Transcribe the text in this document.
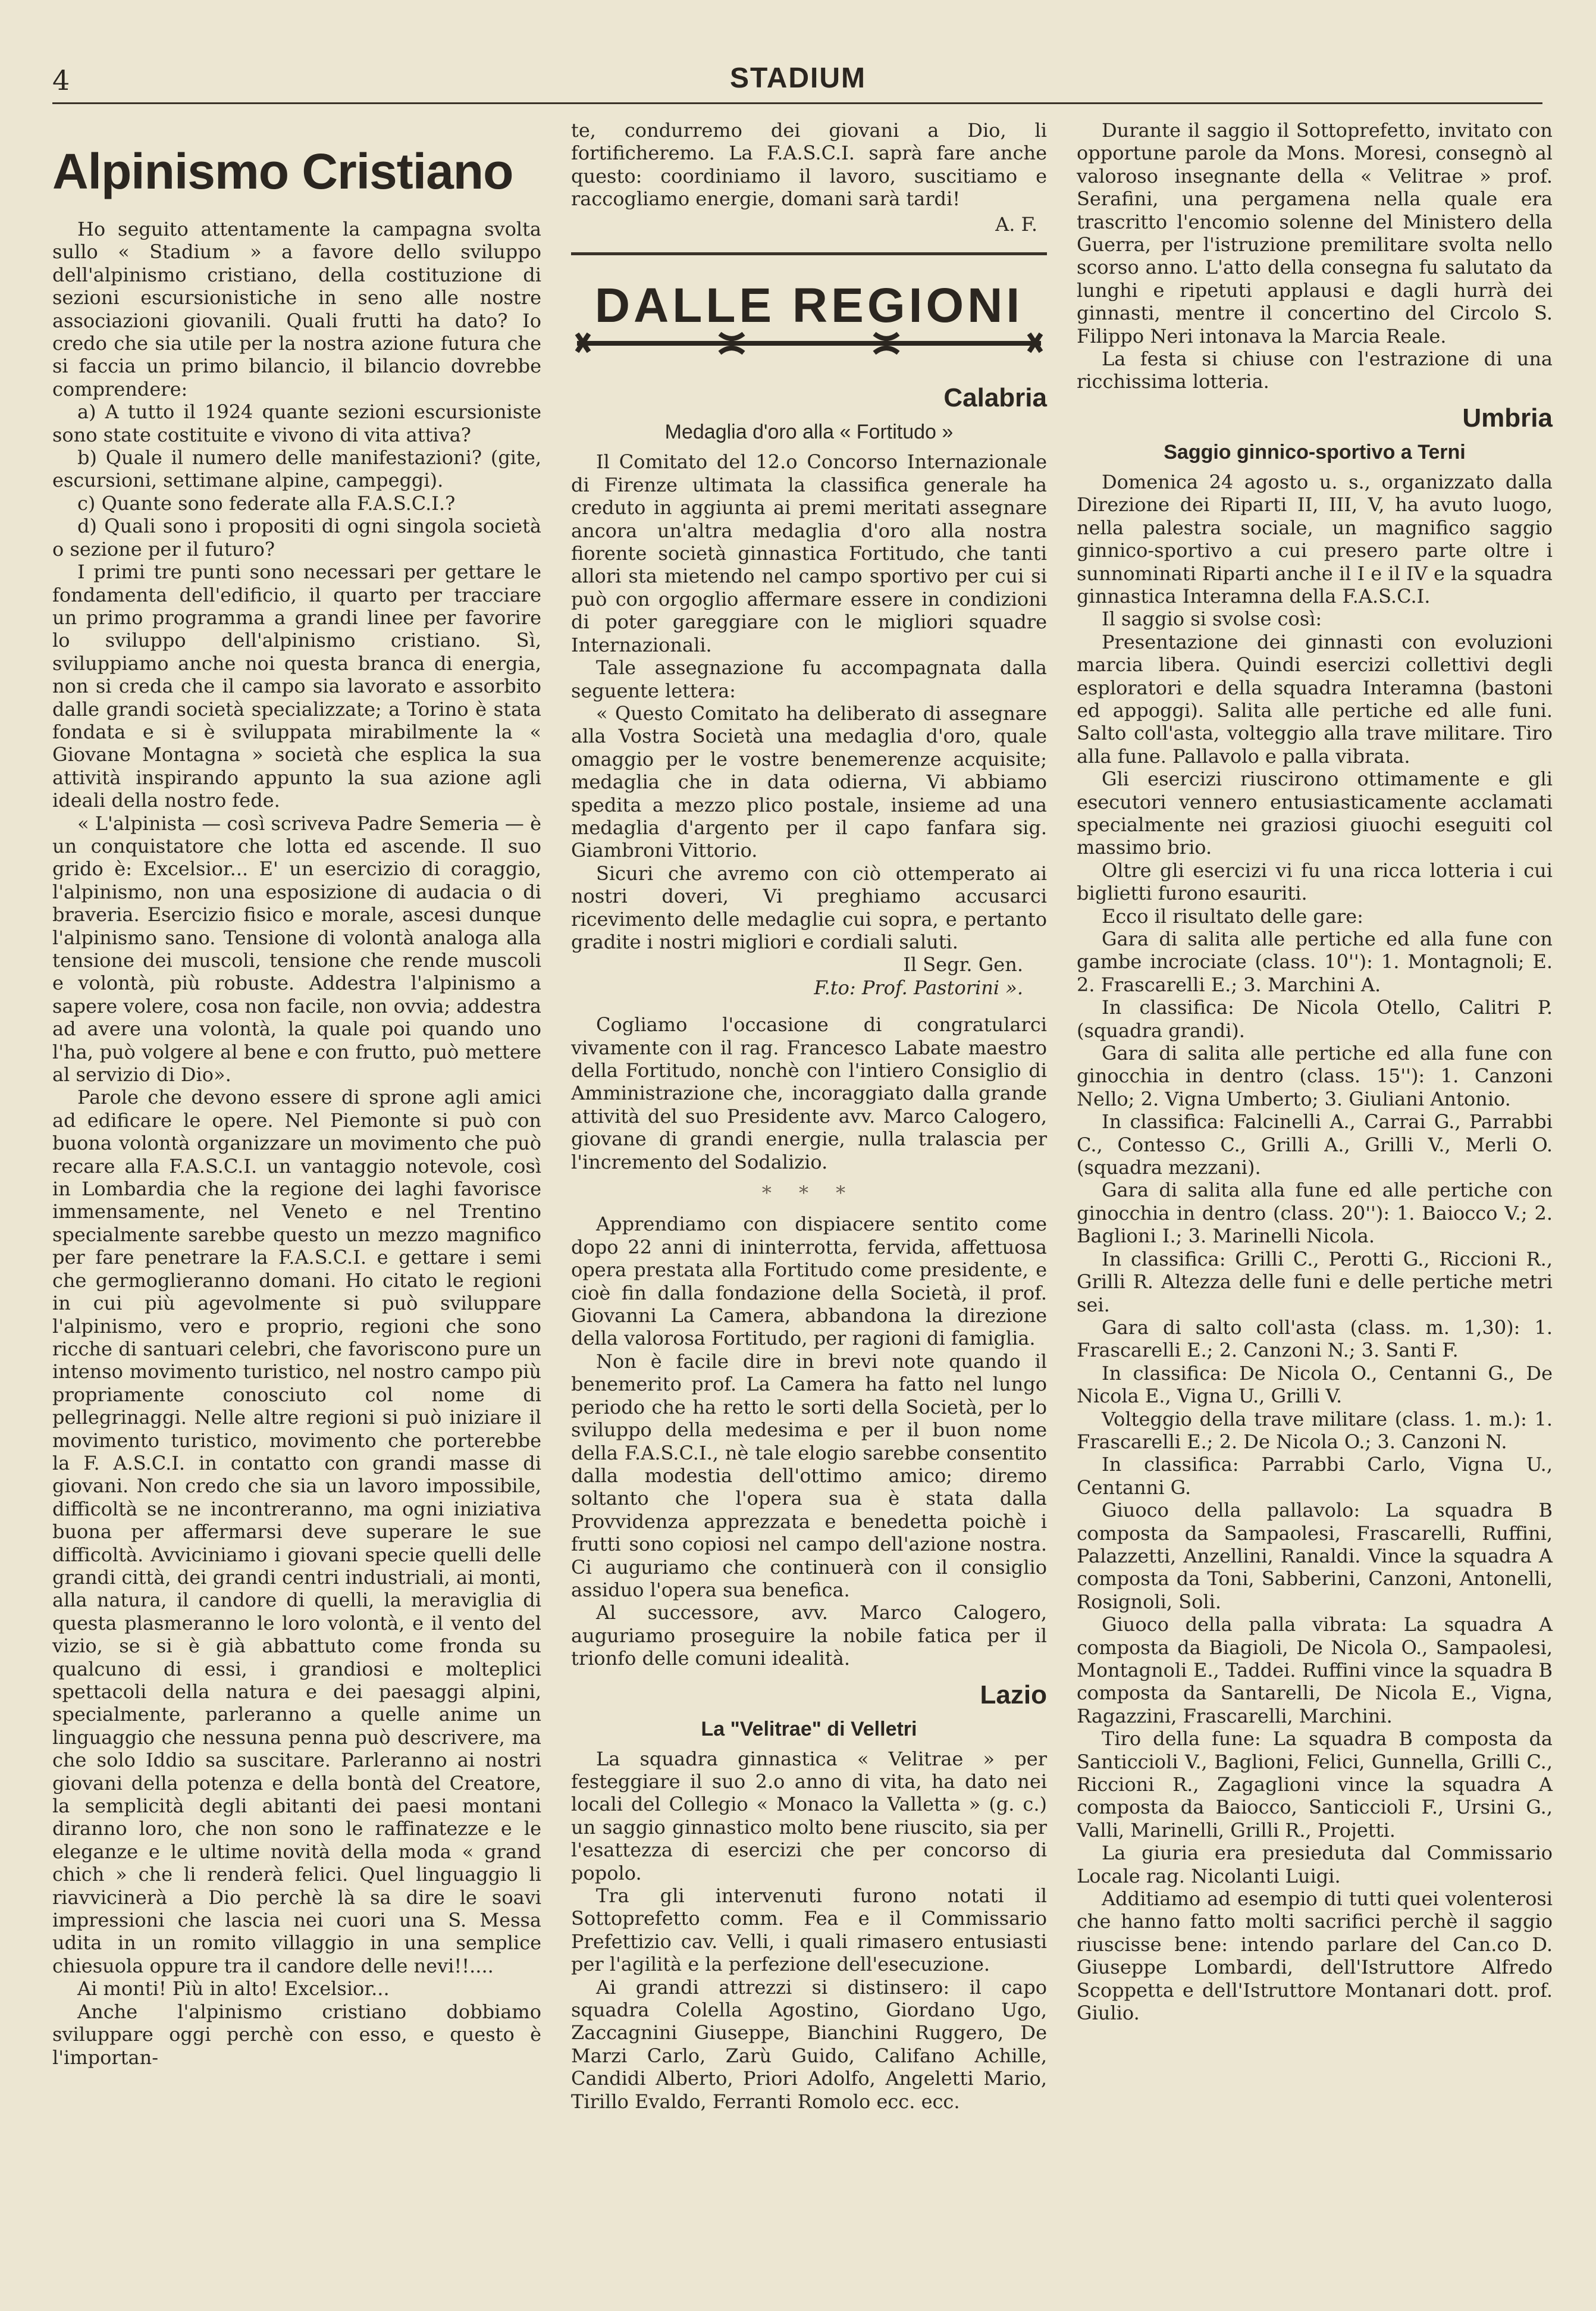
4	STADIUM
Alpinismo Cristiano

Ho seguito attentamente la campagna svolta sullo « Stadium » a favore dello sviluppo dell'alpinismo cristiano, della costituzione di sezioni escursionistiche in seno alle nostre associazioni giovanili. Quali frutti ha dato? Io credo che sia utile per la nostra azione futura che si faccia un primo bilancio, il bilancio dovrebbe comprendere:

a) A tutto il 1924 quante sezioni escursioniste sono state costituite e vivono di vita attiva?

b) Quale il numero delle manifestazioni? (gite, escursioni, settimane alpine, campeggi).

c) Quante sono federate alla F.A.S.C.I.?

d) Quali sono i propositi di ogni singola società o sezione per il futuro?

I primi tre punti sono necessari per gettare le fondamenta dell'edificio, il quarto per tracciare un primo programma a grandi linee per favorire lo sviluppo dell'alpinismo cristiano. Sì, sviluppiamo anche noi questa branca di energia, non si creda che il campo sia lavorato e assorbito dalle grandi società specializzate; a Torino è stata fondata e si è sviluppata mirabilmente la « Giovane Montagna » società che esplica la sua attività inspirando appunto la sua azione agli ideali della nostro fede.

« L'alpinista — così scriveva Padre Semeria — è un conquistatore che lotta ed ascende. Il suo grido è: Excelsior... E' un esercizio di coraggio, l'alpinismo, non una esposizione di audacia o di braveria. Esercizio fisico e morale, ascesi dunque l'alpinismo sano. Tensione di volontà analoga alla tensione dei muscoli, tensione che rende muscoli e volontà, più robuste. Addestra l'alpinismo a sapere volere, cosa non facile, non ovvia; addestra ad avere una volontà, la quale poi quando uno l'ha, può volgere al bene e con frutto, può mettere al servizio di Dio».

Parole che devono essere di sprone agli amici ad edificare le opere. Nel Piemonte si può con buona volontà organizzare un movimento che può recare alla F.A.S.C.I. un vantaggio notevole, così in Lombardia che la regione dei laghi favorisce immensamente, nel Veneto e nel Trentino specialmente sarebbe questo un mezzo magnifico per fare penetrare la F.A.S.C.I. e gettare i semi che germoglieranno domani. Ho citato le regioni in cui più agevolmente si può sviluppare l'alpinismo, vero e proprio, regioni che sono ricche di santuari celebri, che favoriscono pure un intenso movimento turistico, nel nostro campo più propriamente conosciuto col nome di pellegrinaggi. Nelle altre regioni si può iniziare il movimento turistico, movimento che porterebbe la F. A.S.C.I. in contatto con grandi masse di giovani. Non credo che sia un lavoro impossibile, difficoltà se ne incontreranno, ma ogni iniziativa buona per affermarsi deve superare le sue difficoltà. Avviciniamo i giovani specie quelli delle grandi città, dei grandi centri industriali, ai monti, alla natura, il candore di quelli, la meraviglia di questa plasmeranno le loro volontà, e il vento del vizio, se si è già abbattuto come fronda su qualcuno di essi, i grandiosi e molteplici spettacoli della natura e dei paesaggi alpini, specialmente, parleranno a quelle anime un linguaggio che nessuna penna può descrivere, ma che solo Iddio sa suscitare. Parleranno ai nostri giovani della potenza e della bontà del Creatore, la semplicità degli abitanti dei paesi montani diranno loro, che non sono le raffinatezze e le eleganze e le ultime novità della moda « grand chich » che li renderà felici. Quel linguaggio li riavvicinerà a Dio perchè là sa dire le soavi impressioni che lascia nei cuori una S. Messa udita in un romito villaggio in una semplice chiesuola oppure tra il candore delle nevi!!....

Ai monti! Più in alto! Excelsior...

Anche l'alpinismo cristiano dobbiamo sviluppare oggi perchè con esso, e questo è l'importan-

te, condurremo dei giovani a Dio, li fortificheremo. La F.A.S.C.I. saprà fare anche questo: coordiniamo il lavoro, suscitiamo e raccogliamo energie, domani sarà tardi!

A. F.
DALLE REGIONI
Calabria
Medaglia d'oro alla « Fortitudo »

Il Comitato del 12.o Concorso Internazionale di Firenze ultimata la classifica generale ha creduto in aggiunta ai premi meritati assegnare ancora un'altra medaglia d'oro alla nostra fiorente società ginnastica Fortitudo, che tanti allori sta mietendo nel campo sportivo per cui si può con orgoglio affermare essere in condizioni di poter gareggiare con le migliori squadre Internazionali.

Tale assegnazione fu accompagnata dalla seguente lettera:

« Questo Comitato ha deliberato di assegnare alla Vostra Società una medaglia d'oro, quale omaggio per le vostre benemerenze acquisite; medaglia che in data odierna, Vi abbiamo spedita a mezzo plico postale, insieme ad una medaglia d'argento per il capo fanfara sig. Giambroni Vittorio.

Sicuri che avremo con ciò ottemperato ai nostri doveri, Vi preghiamo accusarci ricevimento delle medaglie cui sopra, e pertanto gradite i nostri migliori e cordiali saluti.

Il Segr. Gen.
F.to: Prof. Pastorini ».

Cogliamo l'occasione di congratularci vivamente con il rag. Francesco Labate maestro della Fortitudo, nonchè con l'intiero Consiglio di Amministrazione che, incoraggiato dalla grande attività del suo Presidente avv. Marco Calogero, giovane di grandi energie, nulla tralascia per l'incremento del Sodalizio.

* * *

Apprendiamo con dispiacere sentito come dopo 22 anni di ininterrotta, fervida, affettuosa opera prestata alla Fortitudo come presidente, e cioè fin dalla fondazione della Società, il prof. Giovanni La Camera, abbandona la direzione della valorosa Fortitudo, per ragioni di famiglia.

Non è facile dire in brevi note quando il benemerito prof. La Camera ha fatto nel lungo periodo che ha retto le sorti della Società, per lo sviluppo della medesima e per il buon nome della F.A.S.C.I., nè tale elogio sarebbe consentito dalla modestia dell'ottimo amico; diremo soltanto che l'opera sua è stata dalla Provvidenza apprezzata e benedetta poichè i frutti sono copiosi nel campo dell'azione nostra. Ci auguriamo che continuerà con il consiglio assiduo l'opera sua benefica.

Al successore, avv. Marco Calogero, auguriamo proseguire la nobile fatica per il trionfo delle comuni idealità.

Lazio
La "Velitrae" di Velletri

La squadra ginnastica « Velitrae » per festeggiare il suo 2.o anno di vita, ha dato nei locali del Collegio « Monaco la Valletta » (g. c.) un saggio ginnastico molto bene riuscito, sia per l'esattezza di esercizi che per concorso di popolo.

Tra gli intervenuti furono notati il Sottoprefetto comm. Fea e il Commissario Prefettizio cav. Velli, i quali rimasero entusiasti per l'agilità e la perfezione dell'esecuzione.

Ai grandi attrezzi si distinsero: il capo squadra Colella Agostino, Giordano Ugo, Zaccagnini Giuseppe, Bianchini Ruggero, De Marzi Carlo, Zarù Guido, Califano Achille, Candidi Alberto, Priori Adolfo, Angeletti Mario, Tirillo Evaldo, Ferranti Romolo ecc. ecc.

Durante il saggio il Sottoprefetto, invitato con opportune parole da Mons. Moresi, consegnò al valoroso insegnante della « Velitrae » prof. Serafini, una pergamena nella quale era trascritto l'encomio solenne del Ministero della Guerra, per l'istruzione premilitare svolta nello scorso anno. L'atto della consegna fu salutato da lunghi e ripetuti applausi e dagli hurrà dei ginnasti, mentre il concertino del Circolo S. Filippo Neri intonava la Marcia Reale.

La festa si chiuse con l'estrazione di una ricchissima lotteria.

Umbria
Saggio ginnico-sportivo a Terni

Domenica 24 agosto u. s., organizzato dalla Direzione dei Riparti II, III, V, ha avuto luogo, nella palestra sociale, un magnifico saggio ginnico-sportivo a cui presero parte oltre i sunnominati Riparti anche il I e il IV e la squadra ginnastica Interamna della F.A.S.C.I.

Il saggio si svolse così:

Presentazione dei ginnasti con evoluzioni marcia libera. Quindi esercizi collettivi degli esploratori e della squadra Interamna (bastoni ed appoggi). Salita alle pertiche ed alle funi. Salto coll'asta, volteggio alla trave militare. Tiro alla fune. Pallavolo e palla vibrata.

Gli esercizi riuscirono ottimamente e gli esecutori vennero entusiasticamente acclamati specialmente nei graziosi giuochi eseguiti col massimo brio.

Oltre gli esercizi vi fu una ricca lotteria i cui biglietti furono esauriti.

Ecco il risultato delle gare:

Gara di salita alle pertiche ed alla fune con gambe incrociate (class. 10''): 1. Montagnoli; E. 2. Frascarelli E.; 3. Marchini A.

In classifica: De Nicola Otello, Calitri P. (squadra grandi).

Gara di salita alle pertiche ed alla fune con ginocchia in dentro (class. 15''): 1. Canzoni Nello; 2. Vigna Umberto; 3. Giuliani Antonio.

In classifica: Falcinelli A., Carrai G., Parrabbi C., Contesso C., Grilli A., Grilli V., Merli O. (squadra mezzani).

Gara di salita alla fune ed alle pertiche con ginocchia in dentro (class. 20''): 1. Baiocco V.; 2. Baglioni I.; 3. Marinelli Nicola.

In classifica: Grilli C., Perotti G., Riccioni R., Grilli R. Altezza delle funi e delle pertiche metri sei.

Gara di salto coll'asta (class. m. 1,30): 1. Frascarelli E.; 2. Canzoni N.; 3. Santi F.

In classifica: De Nicola O., Centanni G., De Nicola E., Vigna U., Grilli V.

Volteggio della trave militare (class. 1. m.): 1. Frascarelli E.; 2. De Nicola O.; 3. Canzoni N.

In classifica: Parrabbi Carlo, Vigna U., Centanni G.

Giuoco della pallavolo: La squadra B composta da Sampaolesi, Frascarelli, Ruffini, Palazzetti, Anzellini, Ranaldi. Vince la squadra A composta da Toni, Sabberini, Canzoni, Antonelli, Rosignoli, Soli.

Giuoco della palla vibrata: La squadra A composta da Biagioli, De Nicola O., Sampaolesi, Montagnoli E., Taddei. Ruffini vince la squadra B composta da Santarelli, De Nicola E., Vigna, Ragazzini, Frascarelli, Marchini.

Tiro della fune: La squadra B composta da Santiccioli V., Baglioni, Felici, Gunnella, Grilli C., Riccioni R., Zagaglioni vince la squadra A composta da Baiocco, Santiccioli F., Ursini G., Valli, Marinelli, Grilli R., Projetti.

La giuria era presieduta dal Commissario Locale rag. Nicolanti Luigi.

Additiamo ad esempio di tutti quei volenterosi che hanno fatto molti sacrifici perchè il saggio riuscisse bene: intendo parlare del Can.co D. Giuseppe Lombardi, dell'Istruttore Alfredo Scoppetta e dell'Istruttore Montanari dott. prof. Giulio.
